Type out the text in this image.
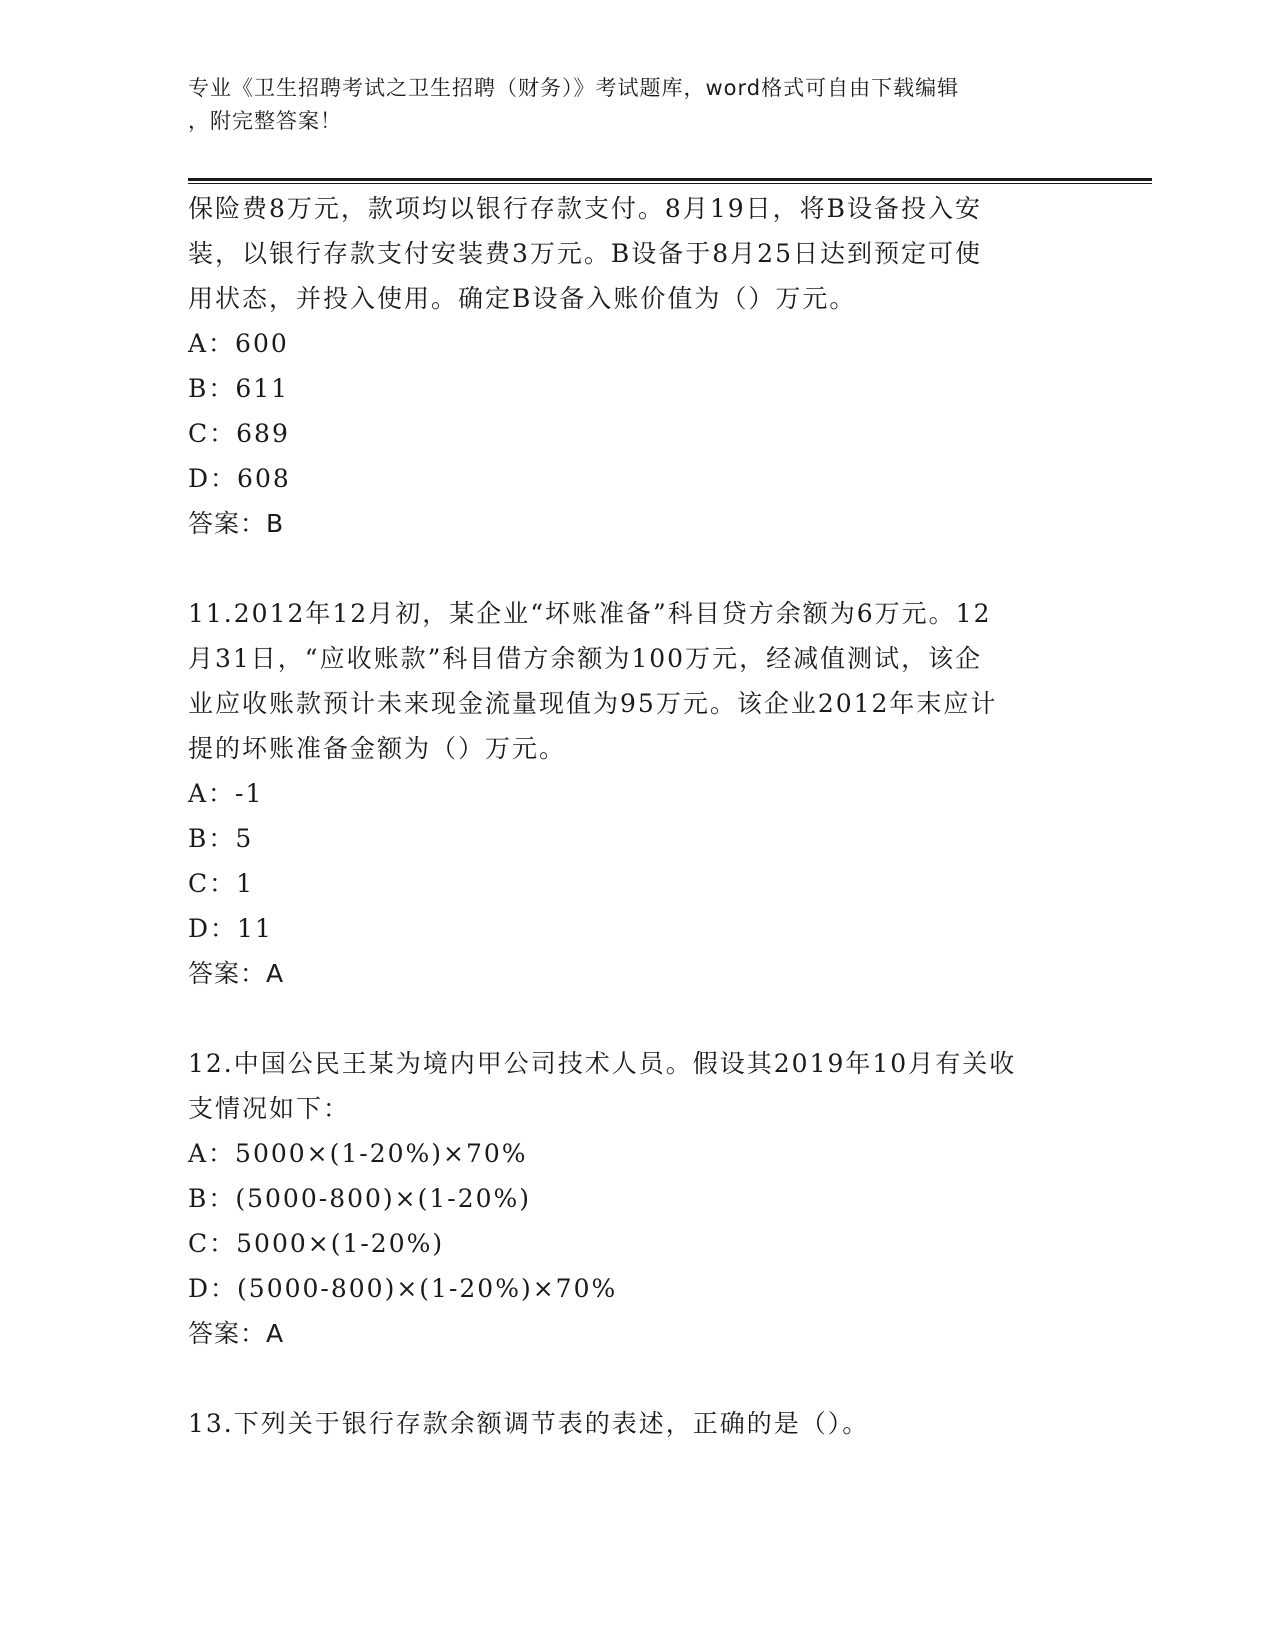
专业《卫生招聘考试之卫生招聘（财务）》考试题库，word格式可自由下载编辑
，附完整答案！
保险费8万元，款项均以银行存款支付。8月19日，将B设备投入安
装，以银行存款支付安装费3万元。B设备于8月25日达到预定可使
用状态，并投入使用。确定B设备入账价值为（）万元。
A：600
B：611
C：689
D：608
答案：B
11.2012年12月初，某企业“坏账准备”科目贷方余额为6万元。12
月31日，“应收账款”科目借方余额为100万元，经减值测试，该企
业应收账款预计未来现金流量现值为95万元。该企业2012年末应计
提的坏账准备金额为（）万元。
A：-1
B：5
C：1
D：11
答案：A
12.中国公民王某为境内甲公司技术人员。假设其2019年10月有关收
支情况如下：
A：5000×(1-20%)×70%
B：(5000-800)×(1-20%)
C：5000×(1-20%)
D：(5000-800)×(1-20%)×70%
答案：A
13.下列关于银行存款余额调节表的表述，正确的是（）。
